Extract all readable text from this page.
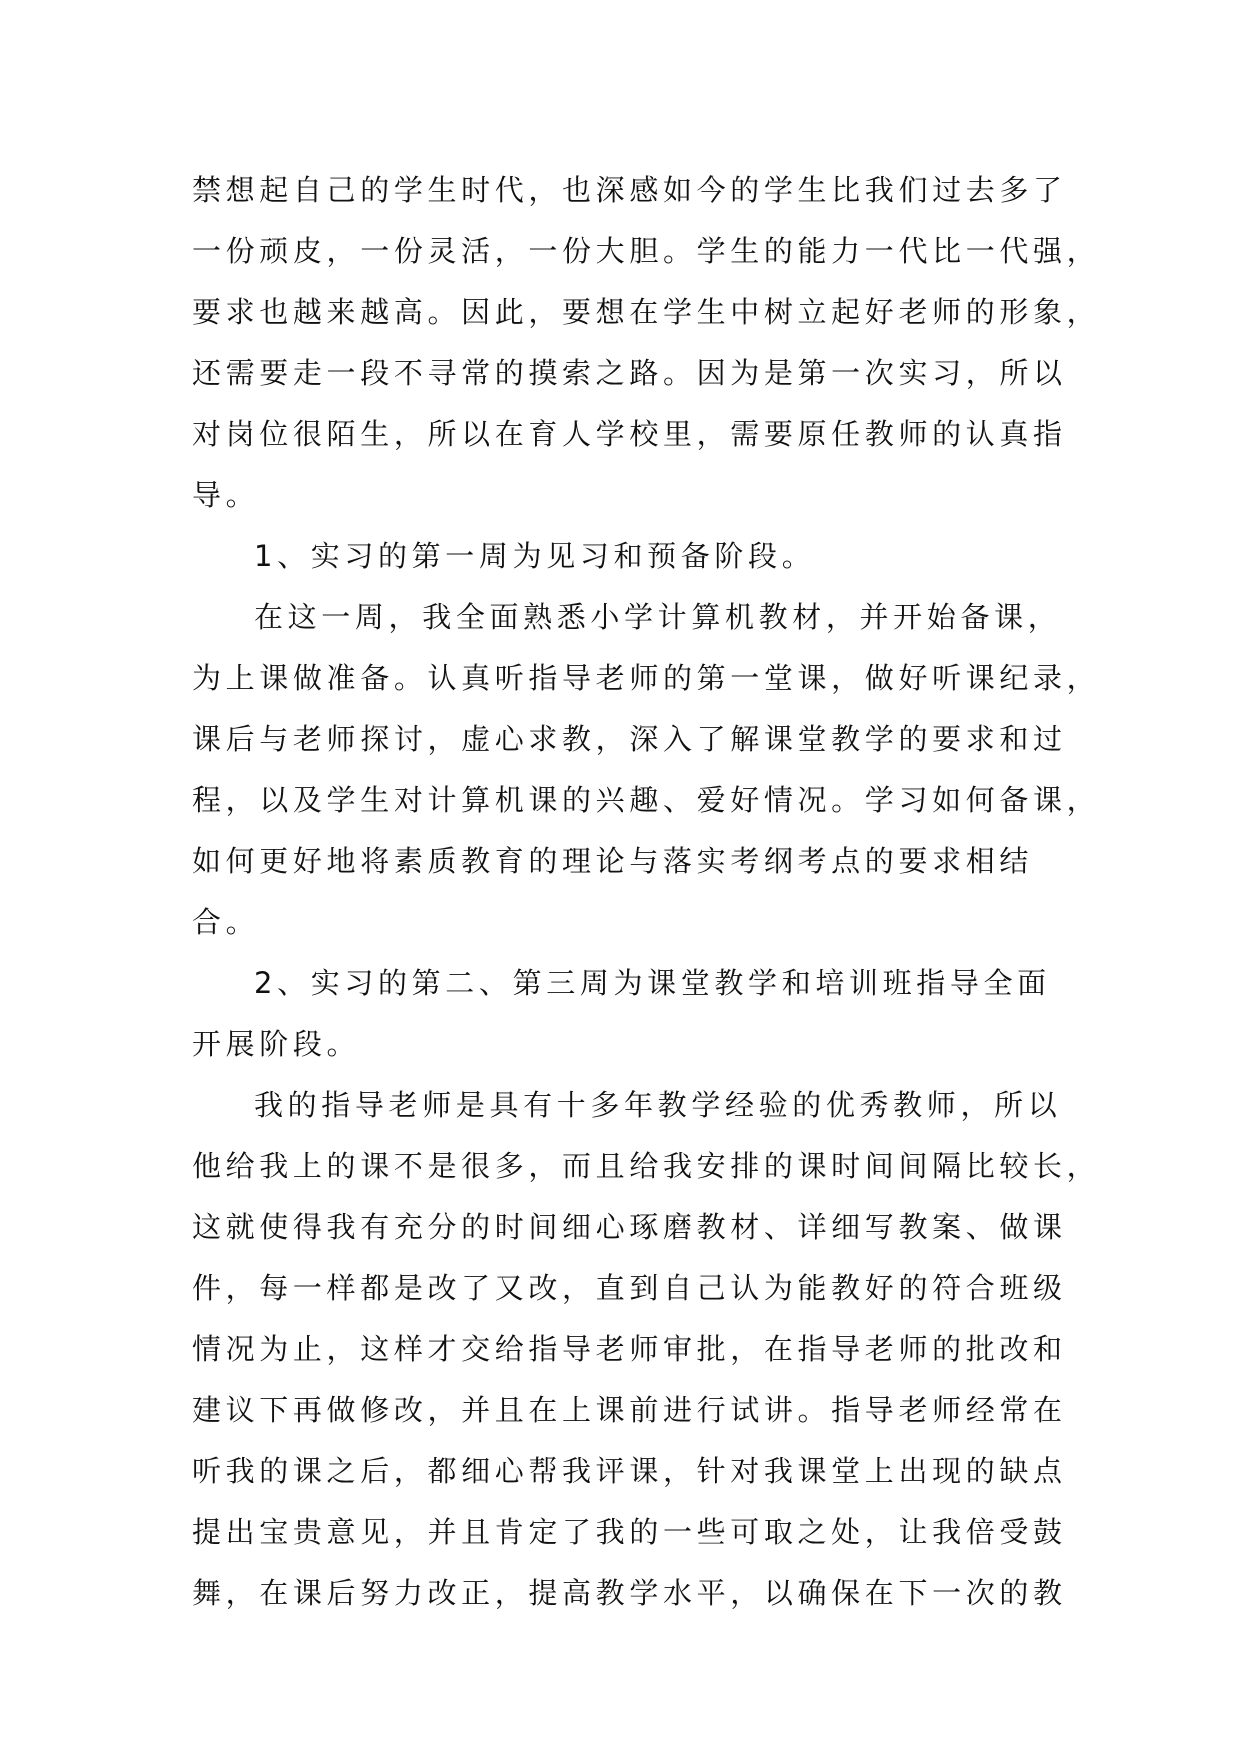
禁想起自己的学生时代，也深感如今的学生比我们过去多了
一份顽皮，一份灵活，一份大胆。学生的能力一代比一代强，
要求也越来越高。因此，要想在学生中树立起好老师的形象，
还需要走一段不寻常的摸索之路。因为是第一次实习，所以
对岗位很陌生，所以在育人学校里，需要原任教师的认真指
导。
1、实习的第一周为见习和预备阶段。
在这一周，我全面熟悉小学计算机教材，并开始备课，
为上课做准备。认真听指导老师的第一堂课，做好听课纪录，
课后与老师探讨，虚心求教，深入了解课堂教学的要求和过
程，以及学生对计算机课的兴趣、爱好情况。学习如何备课，
如何更好地将素质教育的理论与落实考纲考点的要求相结
合。
2、实习的第二、第三周为课堂教学和培训班指导全面
开展阶段。
我的指导老师是具有十多年教学经验的优秀教师，所以
他给我上的课不是很多，而且给我安排的课时间间隔比较长，
这就使得我有充分的时间细心琢磨教材、详细写教案、做课
件，每一样都是改了又改，直到自己认为能教好的符合班级
情况为止，这样才交给指导老师审批，在指导老师的批改和
建议下再做修改，并且在上课前进行试讲。指导老师经常在
听我的课之后，都细心帮我评课，针对我课堂上出现的缺点
提出宝贵意见，并且肯定了我的一些可取之处，让我倍受鼓
舞，在课后努力改正，提高教学水平，以确保在下一次的教
